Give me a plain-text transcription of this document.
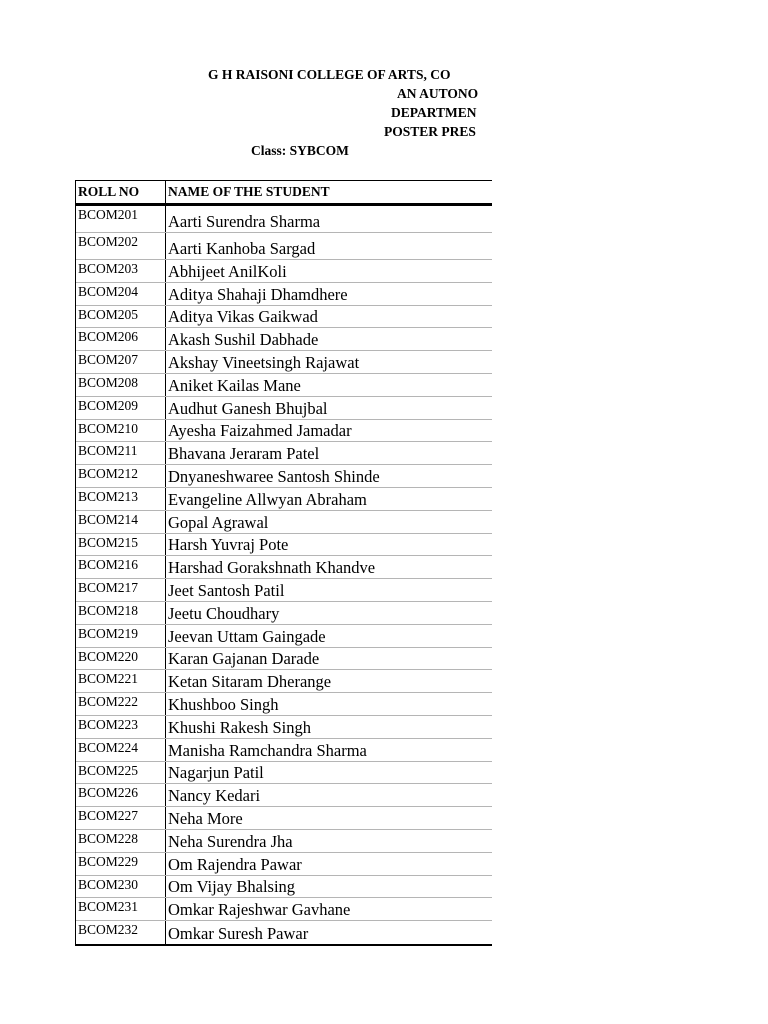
G H RAISONI COLLEGE OF ARTS, CO
AN AUTONO
DEPARTMEN
POSTER PRES
Class: SYBCOM
ROLL NO	NAME OF THE STUDENT
BCOM201	Aarti Surendra Sharma
BCOM202	Aarti Kanhoba Sargad
BCOM203	Abhijeet AnilKoli
BCOM204	Aditya Shahaji Dhamdhere
BCOM205	Aditya Vikas Gaikwad
BCOM206	Akash Sushil Dabhade
BCOM207	Akshay Vineetsingh Rajawat
BCOM208	Aniket Kailas Mane
BCOM209	Audhut Ganesh Bhujbal
BCOM210	Ayesha Faizahmed Jamadar
BCOM211	Bhavana Jeraram Patel
BCOM212	Dnyaneshwaree Santosh Shinde
BCOM213	Evangeline Allwyan Abraham
BCOM214	Gopal Agrawal
BCOM215	Harsh Yuvraj Pote
BCOM216	Harshad Gorakshnath Khandve
BCOM217	Jeet Santosh Patil
BCOM218	Jeetu Choudhary
BCOM219	Jeevan Uttam Gaingade
BCOM220	Karan Gajanan Darade
BCOM221	Ketan Sitaram Dherange
BCOM222	Khushboo Singh
BCOM223	Khushi Rakesh Singh
BCOM224	Manisha Ramchandra Sharma
BCOM225	Nagarjun Patil
BCOM226	Nancy Kedari
BCOM227	Neha More
BCOM228	Neha Surendra Jha
BCOM229	Om Rajendra Pawar
BCOM230	Om Vijay Bhalsing
BCOM231	Omkar Rajeshwar Gavhane
BCOM232	Omkar Suresh Pawar
